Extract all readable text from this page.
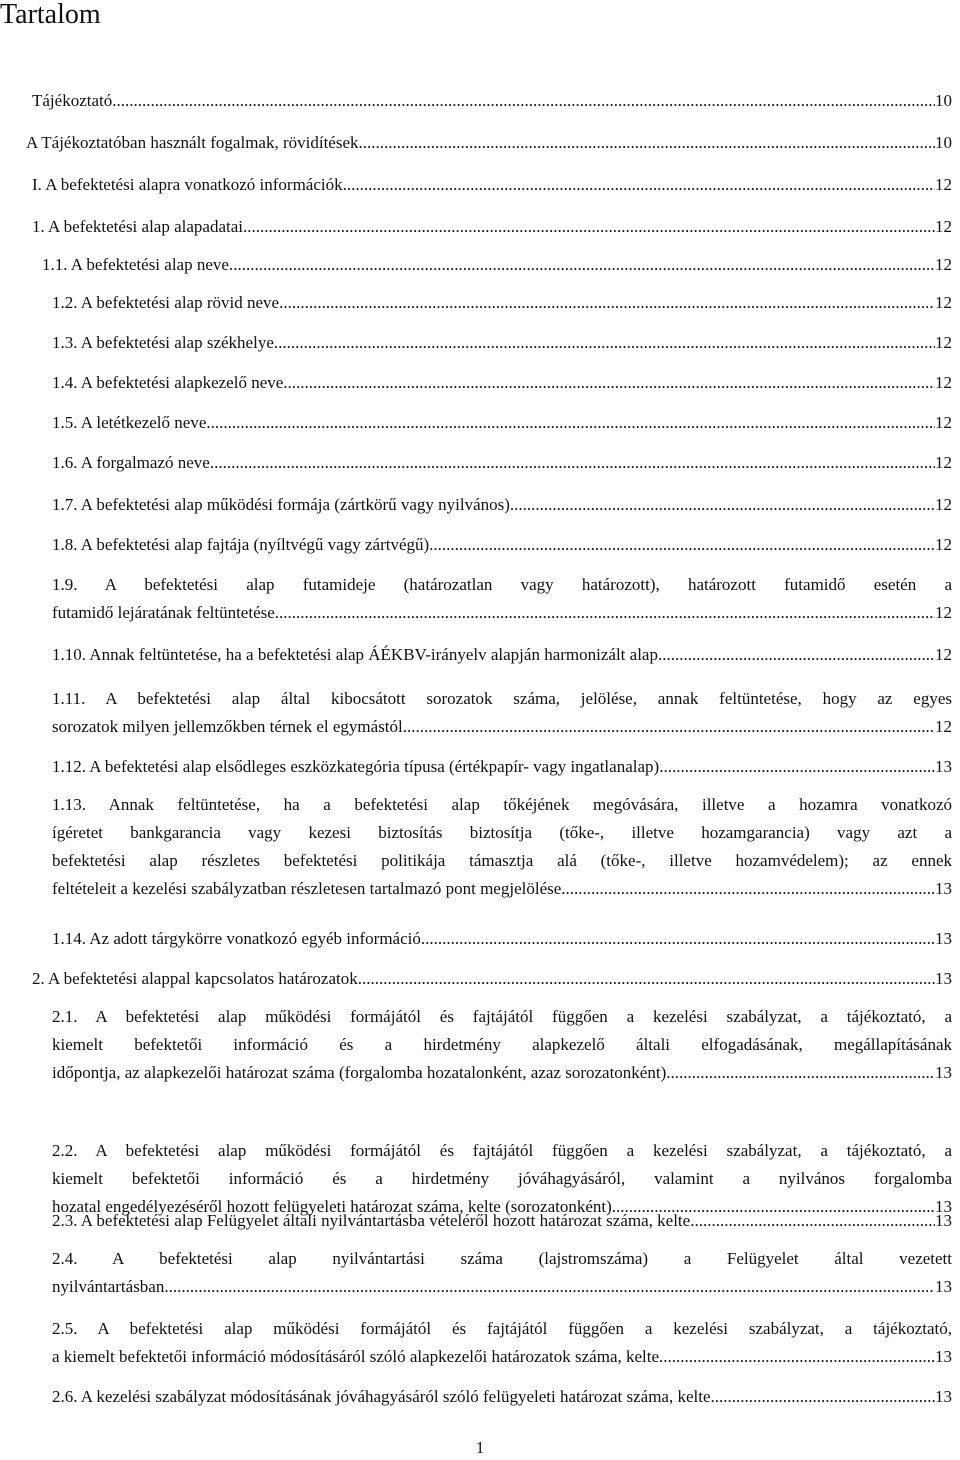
Tartalom
Tájékoztató .....	10
A Tájékoztatóban használt fogalmak, rövidítések .....	10
I. A befektetési alapra vonatkozó információk .....	12
1. A befektetési alap alapadatai .....	12
1.1. A befektetési alap neve .....	12
1.2. A befektetési alap rövid neve .....	12
1.3. A befektetési alap székhelye .....	12
1.4. A befektetési alapkezelő neve .....	12
1.5. A letétkezelő neve .....	12
1.6. A forgalmazó neve .....	12
1.7. A befektetési alap működési formája (zártkörű vagy nyilvános) .....	12
1.8. A befektetési alap fajtája (nyíltvégű vagy zártvégű) .....	12
1.9. A befektetési alap futamideje (határozatlan vagy határozott), határozott futamidő esetén a
futamidő lejáratának feltüntetése .....	12
1.10. Annak feltüntetése, ha a befektetési alap ÁÉKBV-irányelv alapján harmonizált alap .....	12
1.11. A befektetési alap által kibocsátott sorozatok száma, jelölése, annak feltüntetése, hogy az egyes
sorozatok milyen jellemzőkben térnek el egymástól .....	12
1.12. A befektetési alap elsődleges eszközkategória típusa (értékpapír- vagy ingatlanalap) .....	13
1.13. Annak feltüntetése, ha a befektetési alap tőkéjének megóvására, illetve a hozamra vonatkozó
ígéretet bankgarancia vagy kezesi biztosítás biztosítja (tőke-, illetve hozamgarancia) vagy azt a
befektetési alap részletes befektetési politikája támasztja alá (tőke-, illetve hozamvédelem); az ennek
feltételeit a kezelési szabályzatban részletesen tartalmazó pont megjelölése .....	13
1.14. Az adott tárgykörre vonatkozó egyéb információ .....	13
2. A befektetési alappal kapcsolatos határozatok .....	13
2.1. A befektetési alap működési formájától és fajtájától függően a kezelési szabályzat, a tájékoztató, a
kiemelt befektetői információ és a hirdetmény alapkezelő általi elfogadásának, megállapításának
időpontja, az alapkezelői határozat száma (forgalomba hozatalonként, azaz sorozatonként) .....	13
2.2. A befektetési alap működési formájától és fajtájától függően a kezelési szabályzat, a tájékoztató, a
kiemelt befektetői információ és a hirdetmény jóváhagyásáról, valamint a nyilvános forgalomba
hozatal engedélyezéséről hozott felügyeleti határozat száma, kelte (sorozatonként) .....	13
2.3. A befektetési alap Felügyelet általi nyilvántartásba vételéről hozott határozat száma, kelte .....	13
2.4. A befektetési alap nyilvántartási száma (lajstromszáma) a Felügyelet által vezetett
nyilvántartásban .....	13
2.5. A befektetési alap működési formájától és fajtájától függően a kezelési szabályzat, a tájékoztató,
a kiemelt befektetői információ módosításáról szóló alapkezelői határozatok száma, kelte .....	13
2.6. A kezelési szabályzat módosításának jóváhagyásáról szóló felügyeleti határozat száma, kelte .....	13
1
